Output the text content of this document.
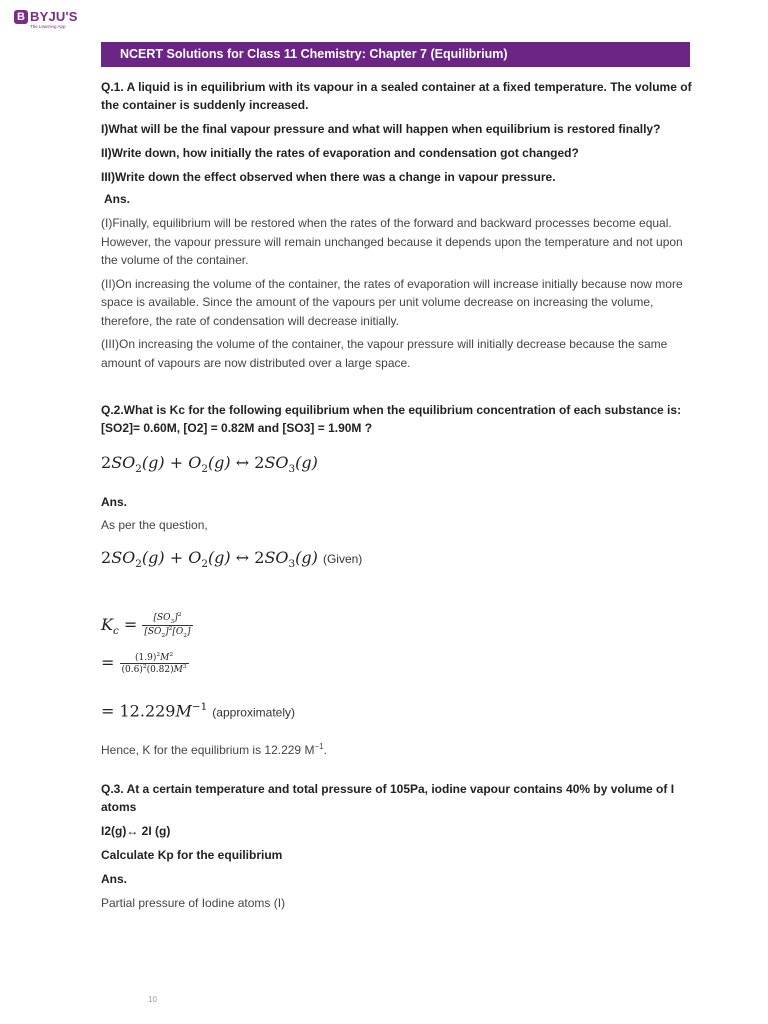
B BYJU'S
The Learning App
NCERT Solutions for Class 11 Chemistry: Chapter 7 (Equilibrium)

Q.1. A liquid is in equilibrium with its vapour in a sealed container at a fixed temperature. The volume of the container is suddenly increased.

I)What will be the final vapour pressure and what will happen when equilibrium is restored finally?

II)Write down, how initially the rates of evaporation and condensation got changed?

III)Write down the effect observed when there was a change in vapour pressure.

Ans.

(I)Finally, equilibrium will be restored when the rates of the forward and backward processes become equal. However, the vapour pressure will remain unchanged because it depends upon the temperature and not upon the volume of the container.

(II)On increasing the volume of the container, the rates of evaporation will increase initially because now more space is available. Since the amount of the vapours per unit volume decrease on increasing the volume, therefore, the rate of condensation will decrease initially.

(III)On increasing the volume of the container, the vapour pressure will initially decrease because the same amount of vapours are now distributed over a large space.

Q.2.What is Kc for the following equilibrium when the equilibrium concentration of each substance is: [SO2]= 0.60M, [O2] = 0.82M and [SO3] = 1.90M ?

$2SO_2(g) + O_2(g)$ ↔ $2SO_3(g)$

Ans.

As per the question,

$2SO_2(g) + O_2(g)$ ↔ $2SO_3(g)$ (Given)
$K_c = \frac{[SO_3]^2}{[SO_2]^2[O_2]}$
= $\frac{(1.9)^2M^2}{(0.6)^2(0.82)M^3}$
= $12.229M^{-1}$ (approximately)

Hence, K for the equilibrium is 12.229 $M^{-1}$.

Q.3. At a certain temperature and total pressure of 105Pa, iodine vapour contains 40% by volume of I atoms

I2(g)↔ 2I (g)

Calculate Kp for the equilibrium

Ans.

Partial pressure of Iodine atoms (I)

10
